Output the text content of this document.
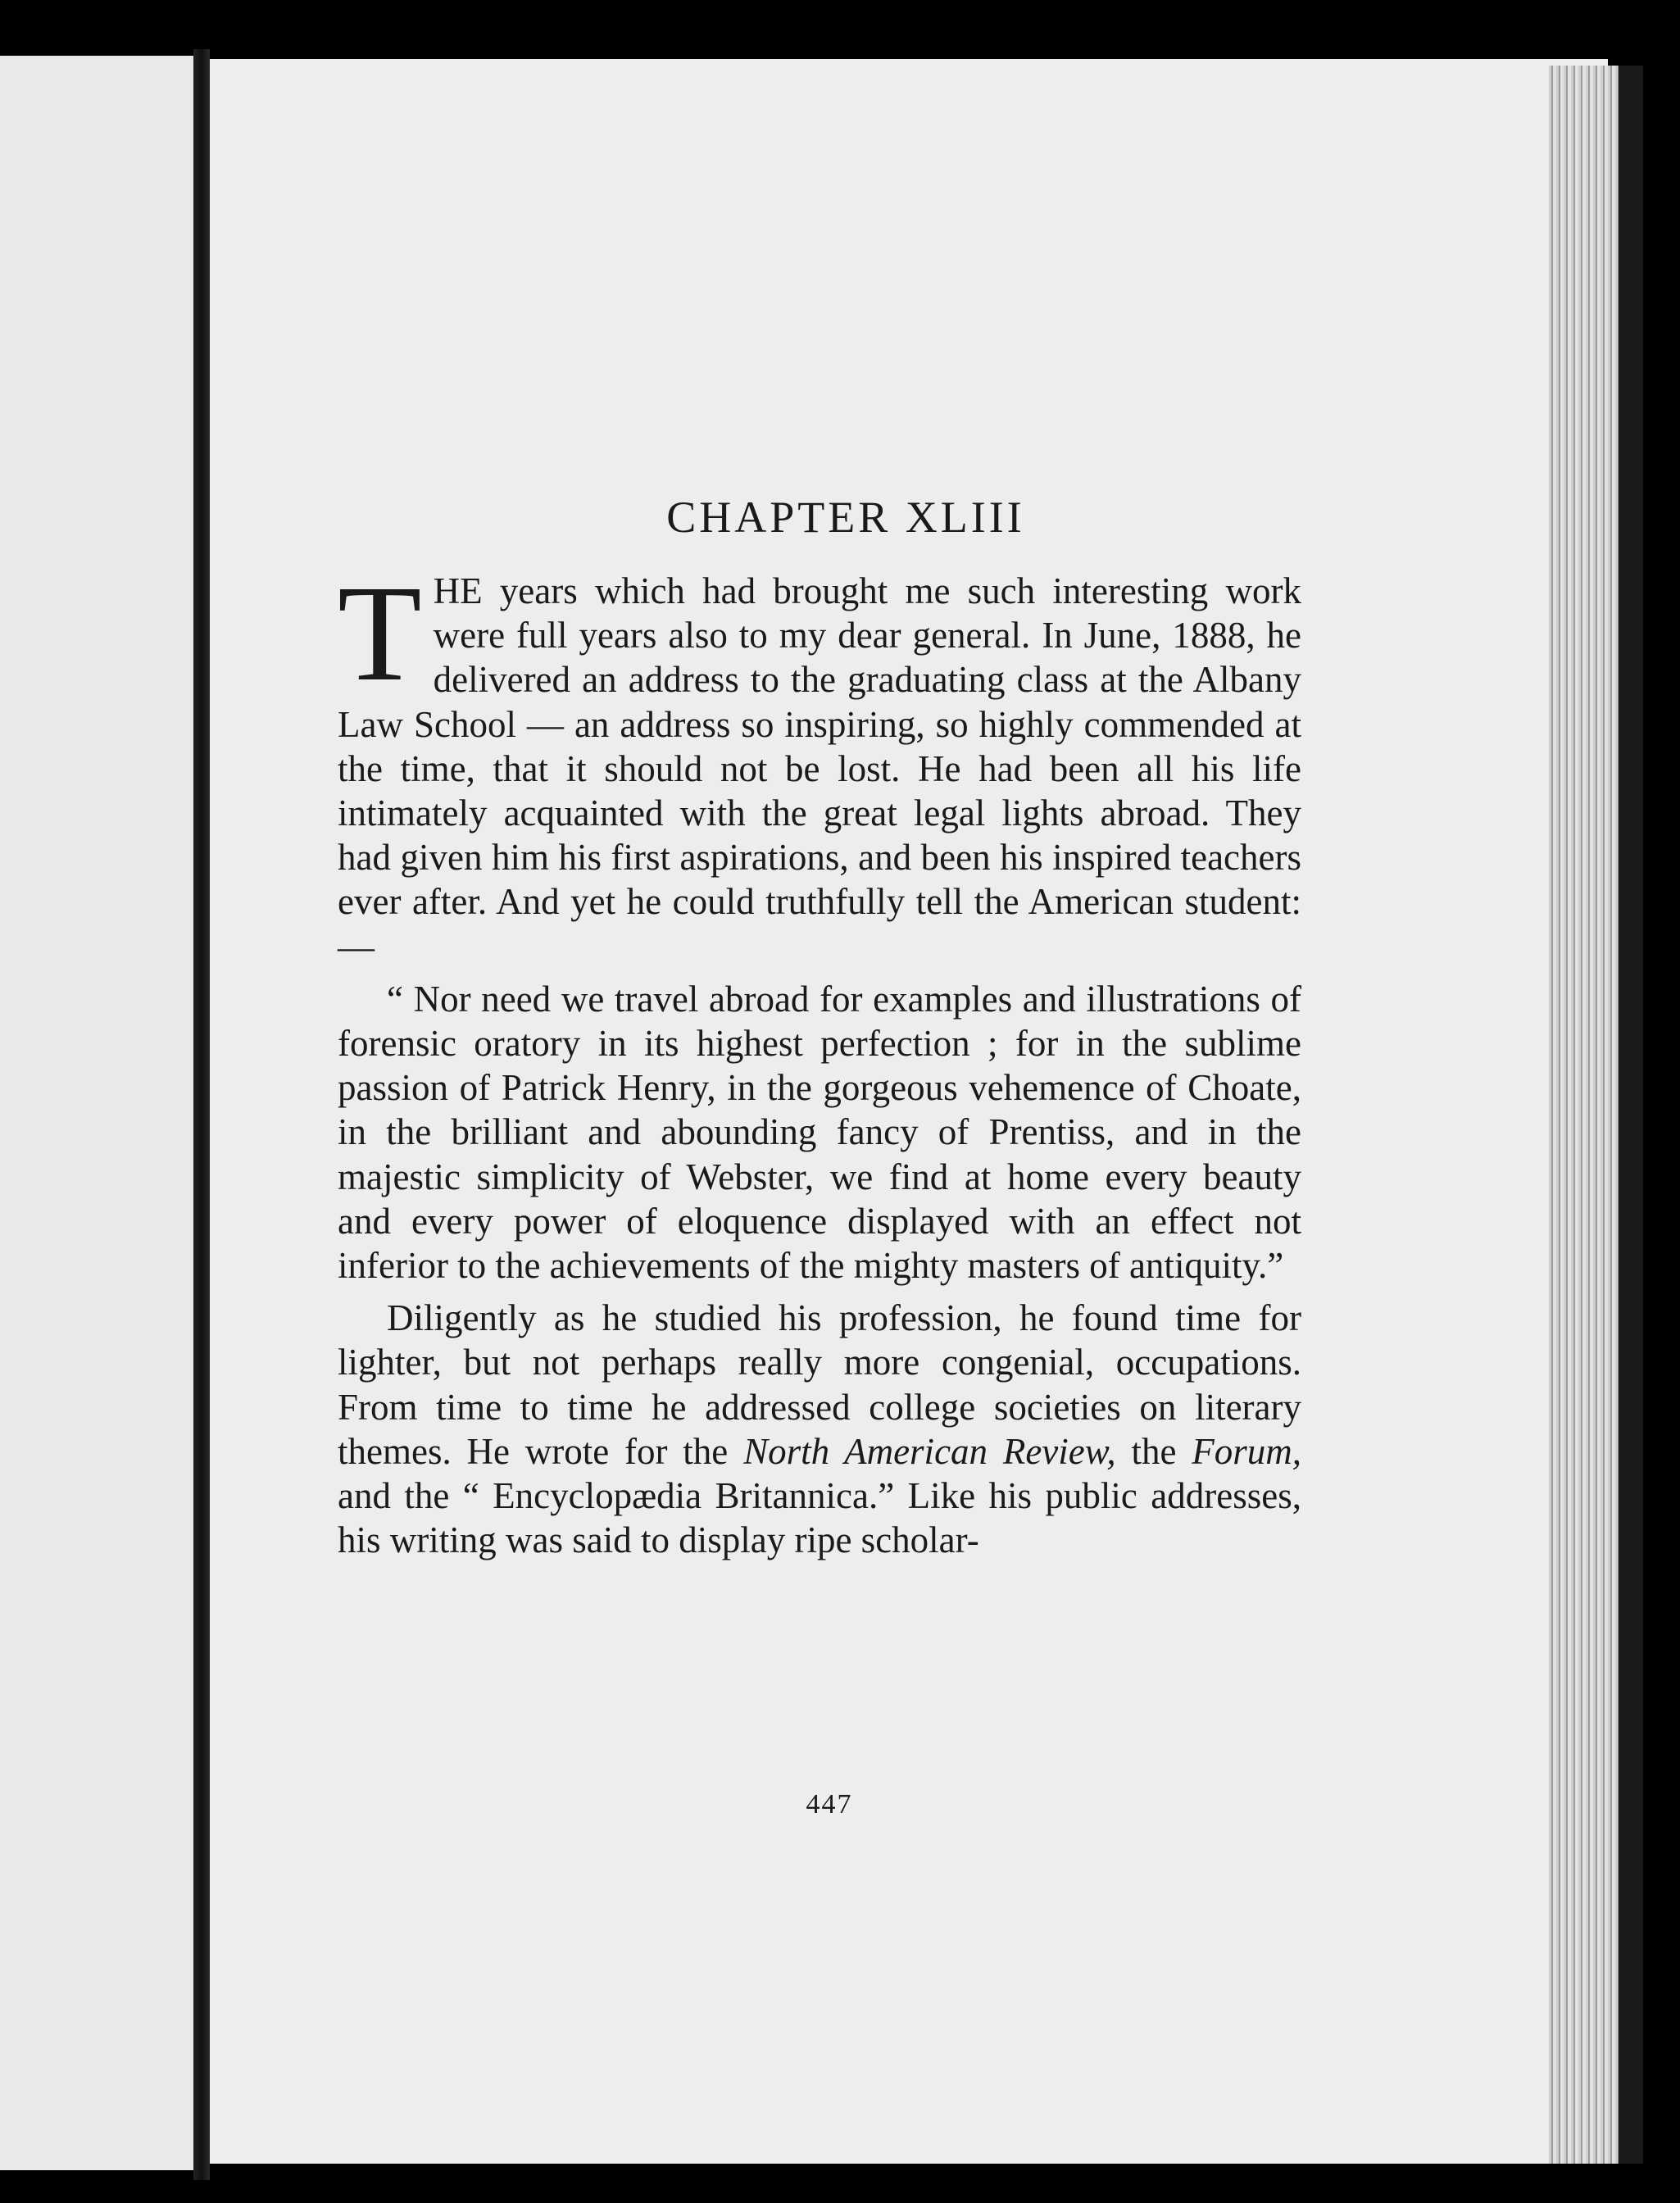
CHAPTER XLIII

THE years which had brought me such interesting work were full years also to my dear general. In June, 1888, he delivered an address to the graduating class at the Albany Law School — an address so inspiring, so highly commended at the time, that it should not be lost. He had been all his life intimately acquainted with the great legal lights abroad. They had given him his first aspirations, and been his inspired teachers ever after. And yet he could truthfully tell the American student: —

“ Nor need we travel abroad for examples and illustrations of forensic oratory in its highest perfection ; for in the sublime passion of Patrick Henry, in the gorgeous vehemence of Choate, in the brilliant and abounding fancy of Prentiss, and in the majestic simplicity of Webster, we find at home every beauty and every power of eloquence displayed with an effect not inferior to the achievements of the mighty masters of antiquity.”

Diligently as he studied his profession, he found time for lighter, but not perhaps really more congenial, occupations. From time to time he addressed college societies on literary themes. He wrote for the North American Review, the Forum, and the “ Encyclopædia Britannica.” Like his public addresses, his writing was said to display ripe scholar-

447
